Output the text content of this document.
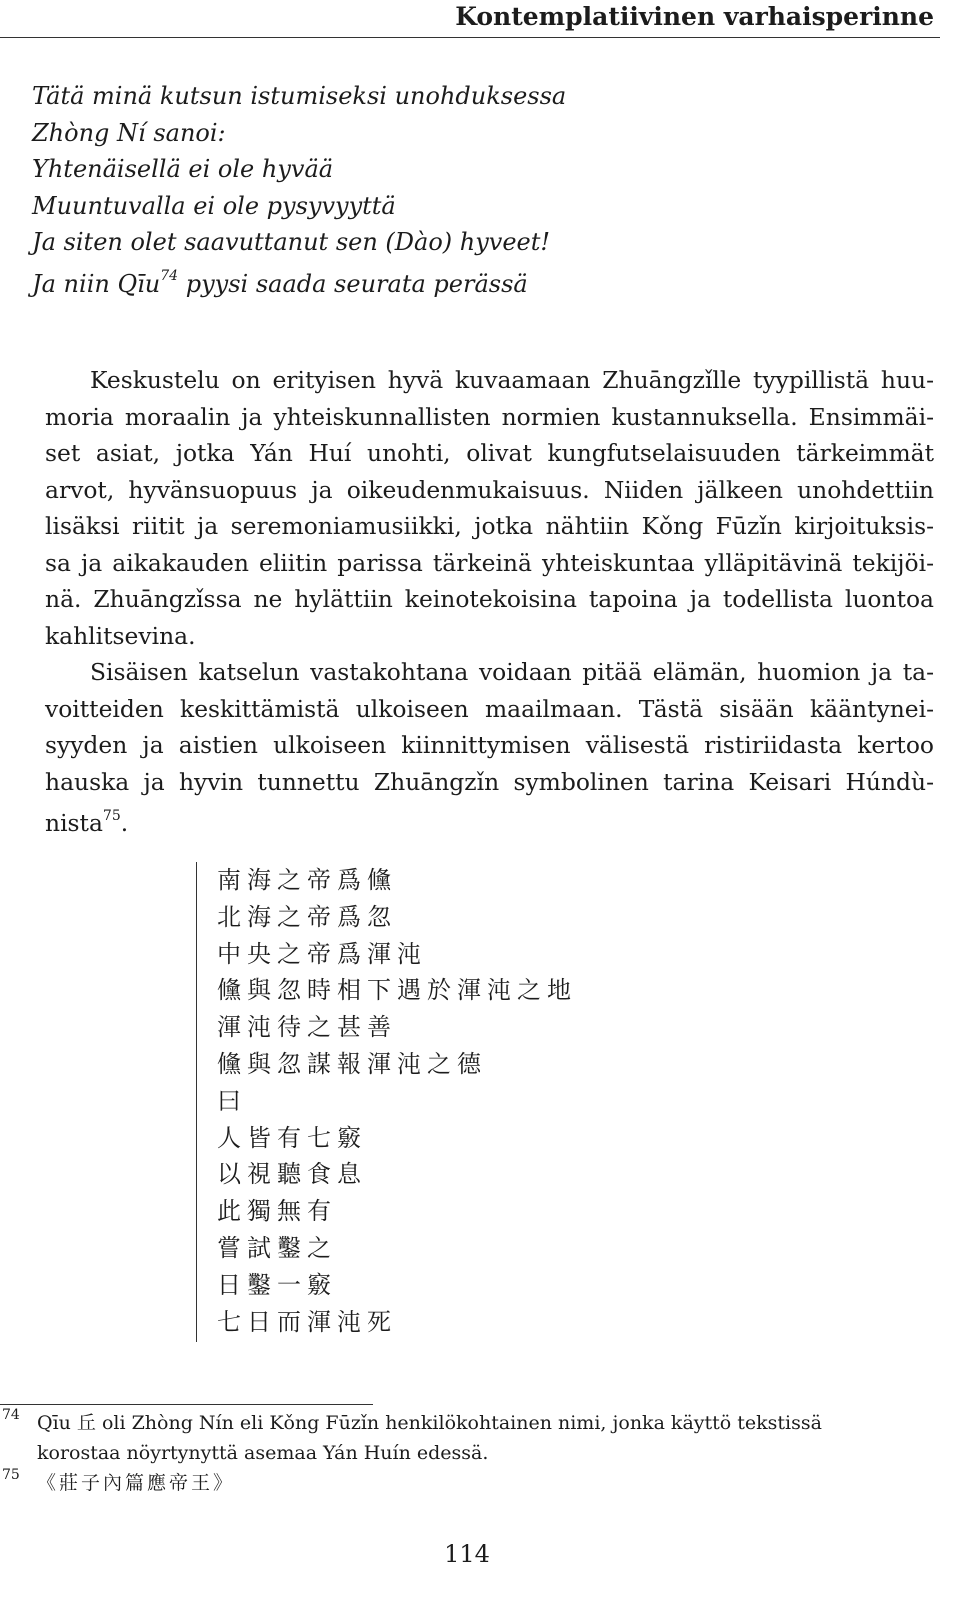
Kontemplatiivinen varhaisperinne
Tätä minä kutsun istumiseksi unohduksessa
Zhòng Ní sanoi:
Yhtenäisellä ei ole hyvää
Muuntuvalla ei ole pysyvyyttä
Ja siten olet saavuttanut sen (Dào) hyveet!
Ja niin Qīu$^{74}$ pyysi saada seurata perässä

Keskustelu on erityisen hyvä kuvaamaan Zhuāngzǐlle tyypillistä huu-
moria moraalin ja yhteiskunnallisten normien kustannuksella. Ensimmäi-
set asiat, jotka Yán Huí unohti, olivat kungfutselaisuuden tärkeimmät
arvot, hyvänsuopuus ja oikeudenmukaisuus. Niiden jälkeen unohdettiin
lisäksi riitit ja seremoniamusiikki, jotka nähtiin Kǒng Fūzǐn kirjoituksis-
sa ja aikakauden eliitin parissa tärkeinä yhteiskuntaa ylläpitävinä tekijöi-
nä. Zhuāngzǐssa ne hylättiin keinotekoisina tapoina ja todellista luontoa
kahlitsevina.

Sisäisen katselun vastakohtana voidaan pitää elämän, huomion ja ta-
voitteiden keskittämistä ulkoiseen maailmaan. Tästä sisään kääntynei-
syyden ja aistien ulkoiseen kiinnittymisen välisestä ristiriidasta kertoo
hauska ja hyvin tunnettu Zhuāngzǐn symbolinen tarina Keisari Húndù-
nista$^{75}$.

南海之帝爲儵
北海之帝爲忽
中央之帝爲渾沌
儵與忽時相下遇於渾沌之地
渾沌待之甚善
儵與忽謀報渾沌之德
曰
人皆有七竅
以視聽食息
此獨無有
嘗試鑿之
日鑿一竅
七日而渾沌死
74 Qīu 丘 oli Zhòng Nín eli Kǒng Fūzǐn henkilökohtainen nimi, jonka käyttö tekstissä
korostaa nöyrtynyttä asemaa Yán Huín edessä.
75 《莊子內篇應帝王》
114
